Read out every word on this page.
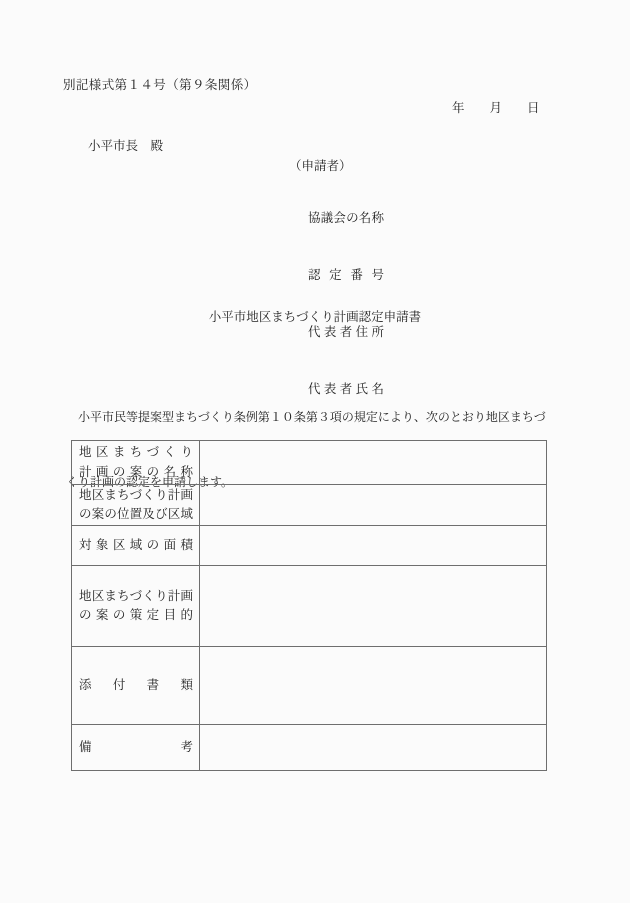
別記様式第１４号（第９条関係）
年　　月　　日
小平市長　殿
（申請者）

協議会の名称

認定番号

代表者住所

代表者氏名

小平市地区まちづくり計画認定申請書

　小平市民等提案型まちづくり条例第１０条第３項の規定により、次のとおり地区まちづ

くり計画の認定を申請します。

地区まちづくり
計画の案の名称
地区まちづくり計画
の案の位置及び区域
対象区域の面積
地区まちづくり計画
の案の策定目的
添付書類
備考
